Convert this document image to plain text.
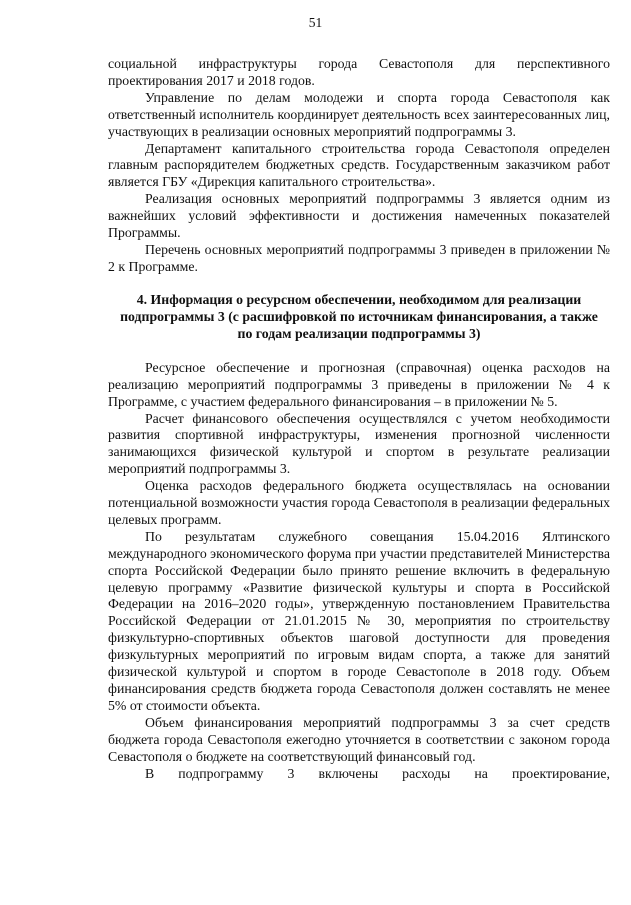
51

социальной инфраструктуры города Севастополя для перспективного проектирования 2017 и 2018 годов.

Управление по делам молодежи и спорта города Севастополя как ответственный исполнитель координирует деятельность всех заинтересованных лиц, участвующих в реализации основных мероприятий подпрограммы 3.

Департамент капитального строительства города Севастополя определен главным распорядителем бюджетных средств. Государственным заказчиком работ является ГБУ «Дирекция капитального строительства».

Реализация основных мероприятий подпрограммы 3 является одним из важнейших условий эффективности и достижения намеченных показателей Программы.

Перечень основных мероприятий подпрограммы 3 приведен в приложении № 2 к Программе.

4. Информация о ресурсном обеспечении, необходимом для реализации подпрограммы 3 (с расшифровкой по источникам финансирования, а также по годам реализации подпрограммы 3)

Ресурсное обеспечение и прогнозная (справочная) оценка расходов на реализацию мероприятий подпрограммы 3 приведены в приложении № 4 к Программе, с участием федерального финансирования – в приложении № 5.

Расчет финансового обеспечения осуществлялся с учетом необходимости развития спортивной инфраструктуры, изменения прогнозной численности занимающихся физической культурой и спортом в результате реализации мероприятий подпрограммы 3.

Оценка расходов федерального бюджета осуществлялась на основании потенциальной возможности участия города Севастополя в реализации федеральных целевых программ.

По результатам служебного совещания 15.04.2016 Ялтинского международного экономического форума при участии представителей Министерства спорта Российской Федерации было принято решение включить в федеральную целевую программу «Развитие физической культуры и спорта в Российской Федерации на 2016–2020 годы», утвержденную постановлением Правительства Российской Федерации от 21.01.2015 № 30, мероприятия по строительству физкультурно-спортивных объектов шаговой доступности для проведения физкультурных мероприятий по игровым видам спорта, а также для занятий физической культурой и спортом в городе Севастополе в 2018 году. Объем финансирования средств бюджета города Севастополя должен составлять не менее 5% от стоимости объекта.

Объем финансирования мероприятий подпрограммы 3 за счет средств бюджета города Севастополя ежегодно уточняется в соответствии с законом города Севастополя о бюджете на соответствующий финансовый год.

В подпрограмму 3 включены расходы на проектирование,
